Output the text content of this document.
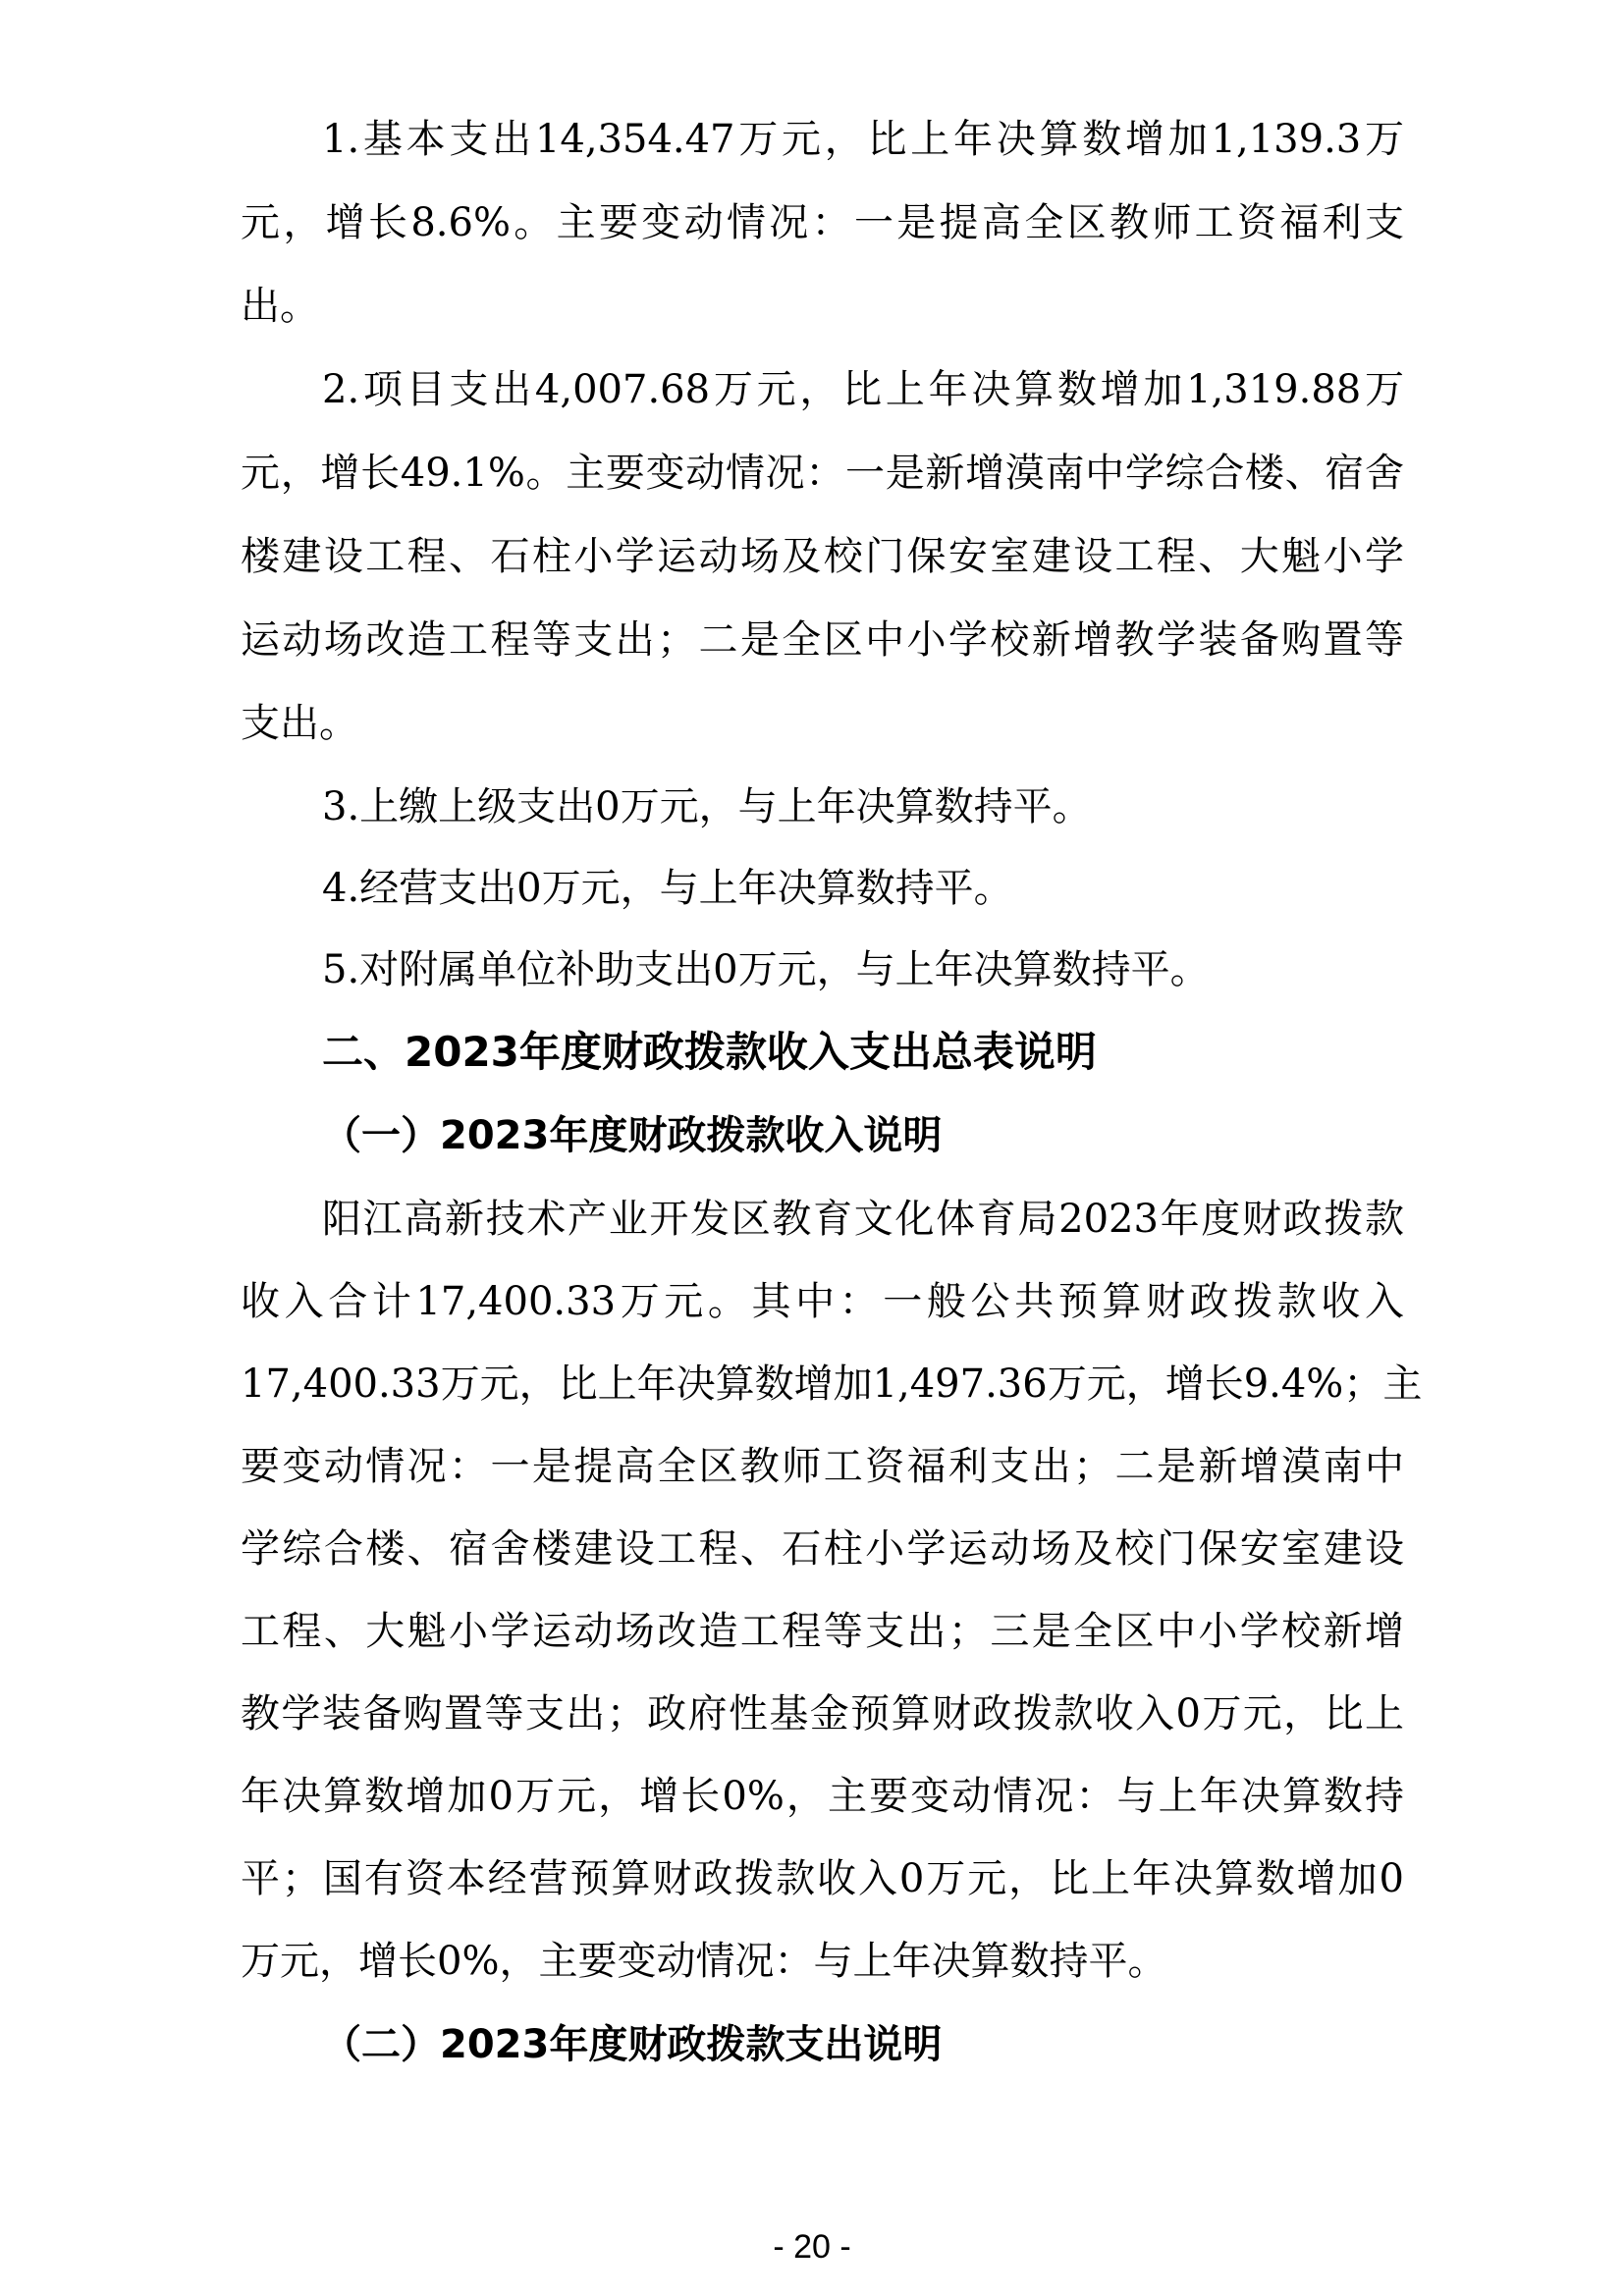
1.基本支出14,354.47万元，比上年决算数增加1,139.3万
元，增长8.6%。主要变动情况：一是提高全区教师工资福利支
出。
2.项目支出4,007.68万元，比上年决算数增加1,319.88万
元，增长49.1%。主要变动情况：一是新增漠南中学综合楼、宿舍
楼建设工程、石柱小学运动场及校门保安室建设工程、大魁小学
运动场改造工程等支出；二是全区中小学校新增教学装备购置等
支出。
3.上缴上级支出0万元，与上年决算数持平。
4.经营支出0万元，与上年决算数持平。
5.对附属单位补助支出0万元，与上年决算数持平。
二、2023年度财政拨款收入支出总表说明
（一）2023年度财政拨款收入说明
阳江高新技术产业开发区教育文化体育局2023年度财政拨款
收入合计17,400.33万元。其中：一般公共预算财政拨款收入
17,400.33万元，比上年决算数增加1,497.36万元，增长9.4%；主
要变动情况：一是提高全区教师工资福利支出；二是新增漠南中
学综合楼、宿舍楼建设工程、石柱小学运动场及校门保安室建设
工程、大魁小学运动场改造工程等支出；三是全区中小学校新增
教学装备购置等支出；政府性基金预算财政拨款收入0万元，比上
年决算数增加0万元，增长0%，主要变动情况：与上年决算数持
平；国有资本经营预算财政拨款收入0万元，比上年决算数增加0
万元，增长0%，主要变动情况：与上年决算数持平。
（二）2023年度财政拨款支出说明
- 20 -
